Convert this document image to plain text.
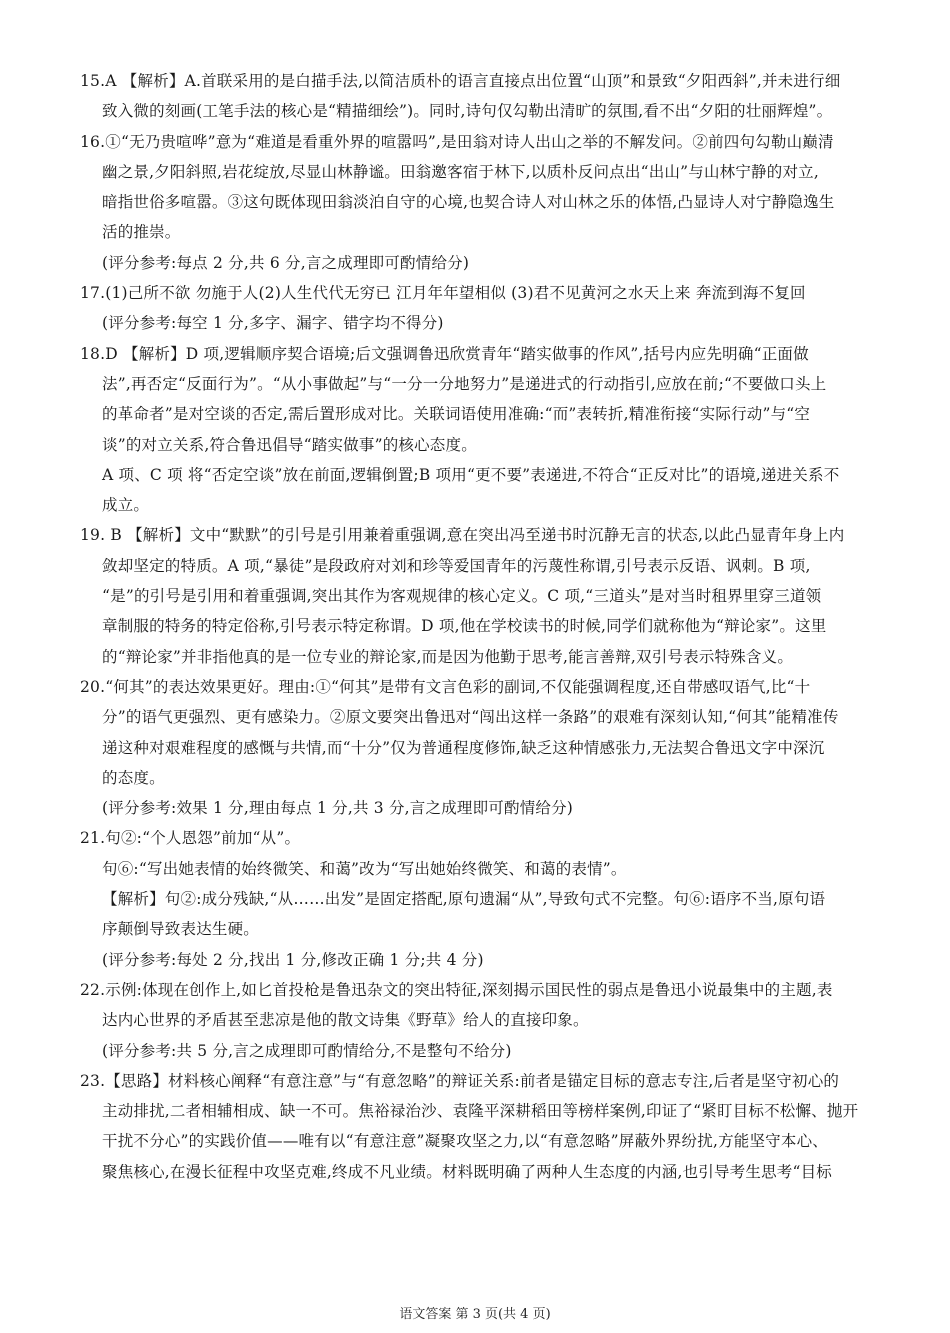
15.A 【解析】A.首联采用的是白描手法,以简洁质朴的语言直接点出位置“山顶”和景致“夕阳西斜”,并未进行细
致入微的刻画(工笔手法的核心是“精描细绘”)。同时,诗句仅勾勒出清旷的氛围,看不出“夕阳的壮丽辉煌”。
16.①“无乃贵喧哗”意为“难道是看重外界的喧嚣吗”,是田翁对诗人出山之举的不解发问。②前四句勾勒山巅清
幽之景,夕阳斜照,岩花绽放,尽显山林静谧。田翁邀客宿于林下,以质朴反问点出“出山”与山林宁静的对立,
暗指世俗多喧嚣。③这句既体现田翁淡泊自守的心境,也契合诗人对山林之乐的体悟,凸显诗人对宁静隐逸生
活的推崇。
(评分参考:每点 2 分,共 6 分,言之成理即可酌情给分)
17.(1)己所不欲 勿施于人(2)人生代代无穷已 江月年年望相似 (3)君不见黄河之水天上来 奔流到海不复回
(评分参考:每空 1 分,多字、漏字、错字均不得分)
18.D 【解析】D 项,逻辑顺序契合语境;后文强调鲁迅欣赏青年“踏实做事的作风”,括号内应先明确“正面做
法”,再否定“反面行为”。“从小事做起”与“一分一分地努力”是递进式的行动指引,应放在前;“不要做口头上
的革命者”是对空谈的否定,需后置形成对比。关联词语使用准确:“而”表转折,精准衔接“实际行动”与“空
谈”的对立关系,符合鲁迅倡导“踏实做事”的核心态度。
A 项、C 项 将“否定空谈”放在前面,逻辑倒置;B 项用“更不要”表递进,不符合“正反对比”的语境,递进关系不
成立。
19. B 【解析】文中“默默”的引号是引用兼着重强调,意在突出冯至递书时沉静无言的状态,以此凸显青年身上内
敛却坚定的特质。A 项,“暴徒”是段政府对刘和珍等爱国青年的污蔑性称谓,引号表示反语、讽刺。B 项,
“是”的引号是引用和着重强调,突出其作为客观规律的核心定义。C 项,“三道头”是对当时租界里穿三道领
章制服的特务的特定俗称,引号表示特定称谓。D 项,他在学校读书的时候,同学们就称他为“辩论家”。这里
的“辩论家”并非指他真的是一位专业的辩论家,而是因为他勤于思考,能言善辩,双引号表示特殊含义。
20.“何其”的表达效果更好。理由:①“何其”是带有文言色彩的副词,不仅能强调程度,还自带感叹语气,比“十
分”的语气更强烈、更有感染力。②原文要突出鲁迅对“闯出这样一条路”的艰难有深刻认知,“何其”能精准传
递这种对艰难程度的感慨与共情,而“十分”仅为普通程度修饰,缺乏这种情感张力,无法契合鲁迅文字中深沉
的态度。
(评分参考:效果 1 分,理由每点 1 分,共 3 分,言之成理即可酌情给分)
21.句②:“个人恩怨”前加“从”。
句⑥:“写出她表情的始终微笑、和蔼”改为“写出她始终微笑、和蔼的表情”。
【解析】句②:成分残缺,“从……出发”是固定搭配,原句遗漏“从”,导致句式不完整。句⑥:语序不当,原句语
序颠倒导致表达生硬。
(评分参考:每处 2 分,找出 1 分,修改正确 1 分;共 4 分)
22.示例:体现在创作上,如匕首投枪是鲁迅杂文的突出特征,深刻揭示国民性的弱点是鲁迅小说最集中的主题,表
达内心世界的矛盾甚至悲凉是他的散文诗集《野草》给人的直接印象。
(评分参考:共 5 分,言之成理即可酌情给分,不是整句不给分)
23.【思路】材料核心阐释“有意注意”与“有意忽略”的辩证关系:前者是锚定目标的意志专注,后者是坚守初心的
主动排扰,二者相辅相成、缺一不可。焦裕禄治沙、袁隆平深耕稻田等榜样案例,印证了“紧盯目标不松懈、抛开
干扰不分心”的实践价值——唯有以“有意注意”凝聚攻坚之力,以“有意忽略”屏蔽外界纷扰,方能坚守本心、
聚焦核心,在漫长征程中攻坚克难,终成不凡业绩。材料既明确了两种人生态度的内涵,也引导考生思考“目标
语文答案 第 3 页(共 4 页)
